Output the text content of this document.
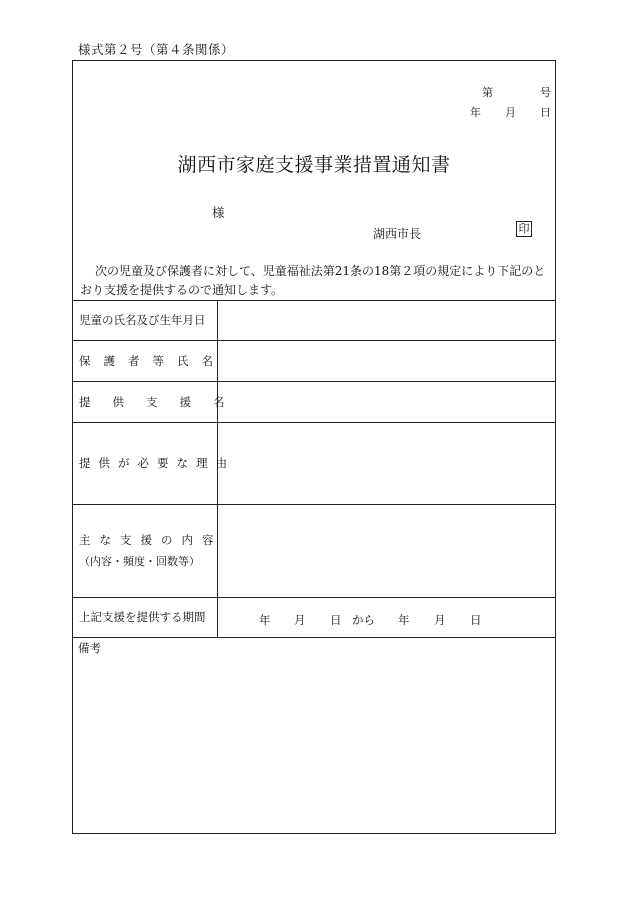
様式第２号（第４条関係）
第	号
年 月 日
湖西市家庭支援事業措置通知書
様
湖西市長	印
次の児童及び保護者に対して、児童福祉法第21条の18第２項の規定により下記のとおり支援を提供するので通知します。
児童の氏名及び生年月日
保護者等氏名
提供支援名
提供が必要な理由
主な支援の内容
（内容・頻度・回数等）
上記支援を提供する期間	年 月 日 から 年 月 日
備考
